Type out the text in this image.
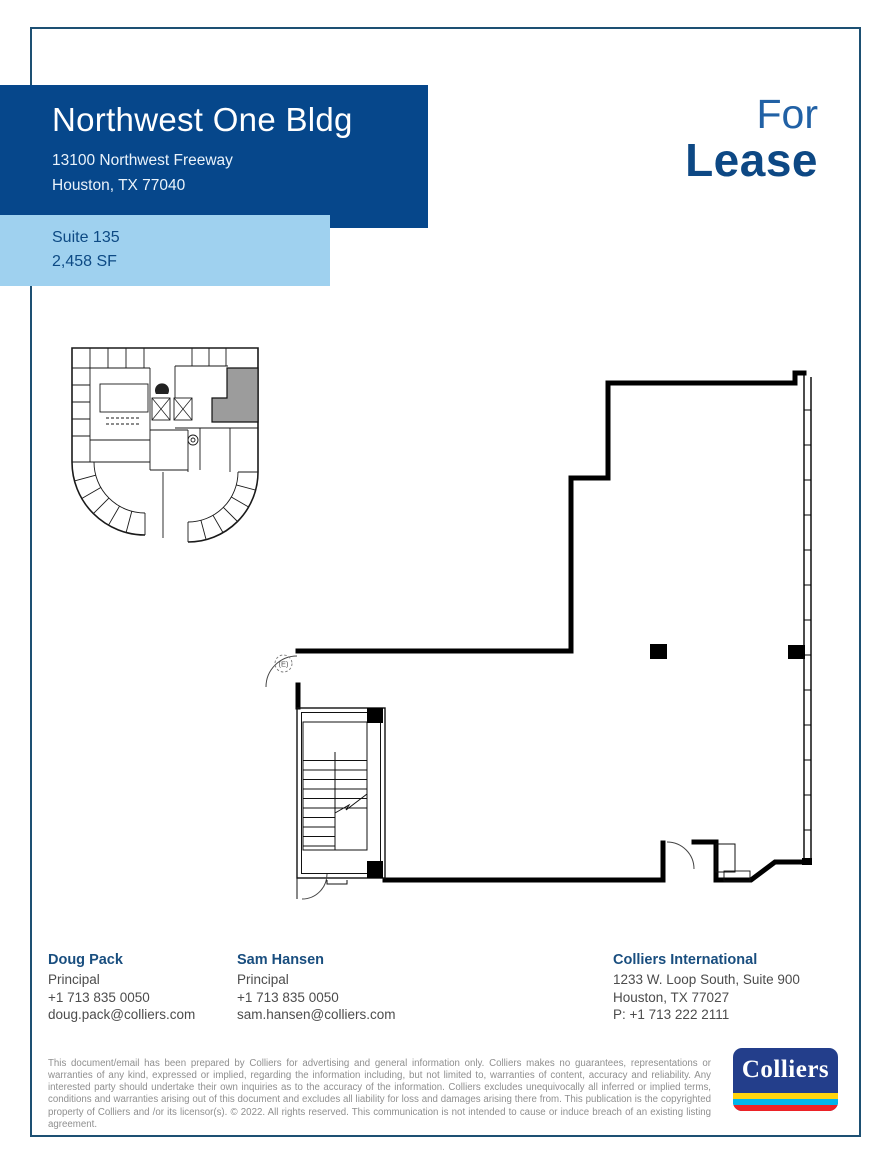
Northwest One Bldg
13100 Northwest Freeway
Houston, TX 77040
Suite 135
2,458 SF
For
Lease
(E)
Doug Pack
Principal
+1 713 835 0050
doug.pack@colliers.com
Sam Hansen
Principal
+1 713 835 0050
sam.hansen@colliers.com
Colliers International
1233 W. Loop South, Suite 900
Houston, TX 77027
P: +1 713 222 2111

This document/email has been prepared by Colliers for advertising and general information only. Colliers makes no guarantees, representations or warranties of any kind, expressed or implied, regarding the information including, but not limited to, warranties of content, accuracy and reliability. Any interested party should undertake their own inquiries as to the accuracy of the information. Colliers excludes unequivocally all inferred or implied terms, conditions and warranties arising out of this document and excludes all liability for loss and damages arising there from. This publication is the copyrighted property of Colliers and /or its licensor(s). © 2022. All rights reserved. This communication is not intended to cause or induce breach of an existing listing agreement.

Colliers
